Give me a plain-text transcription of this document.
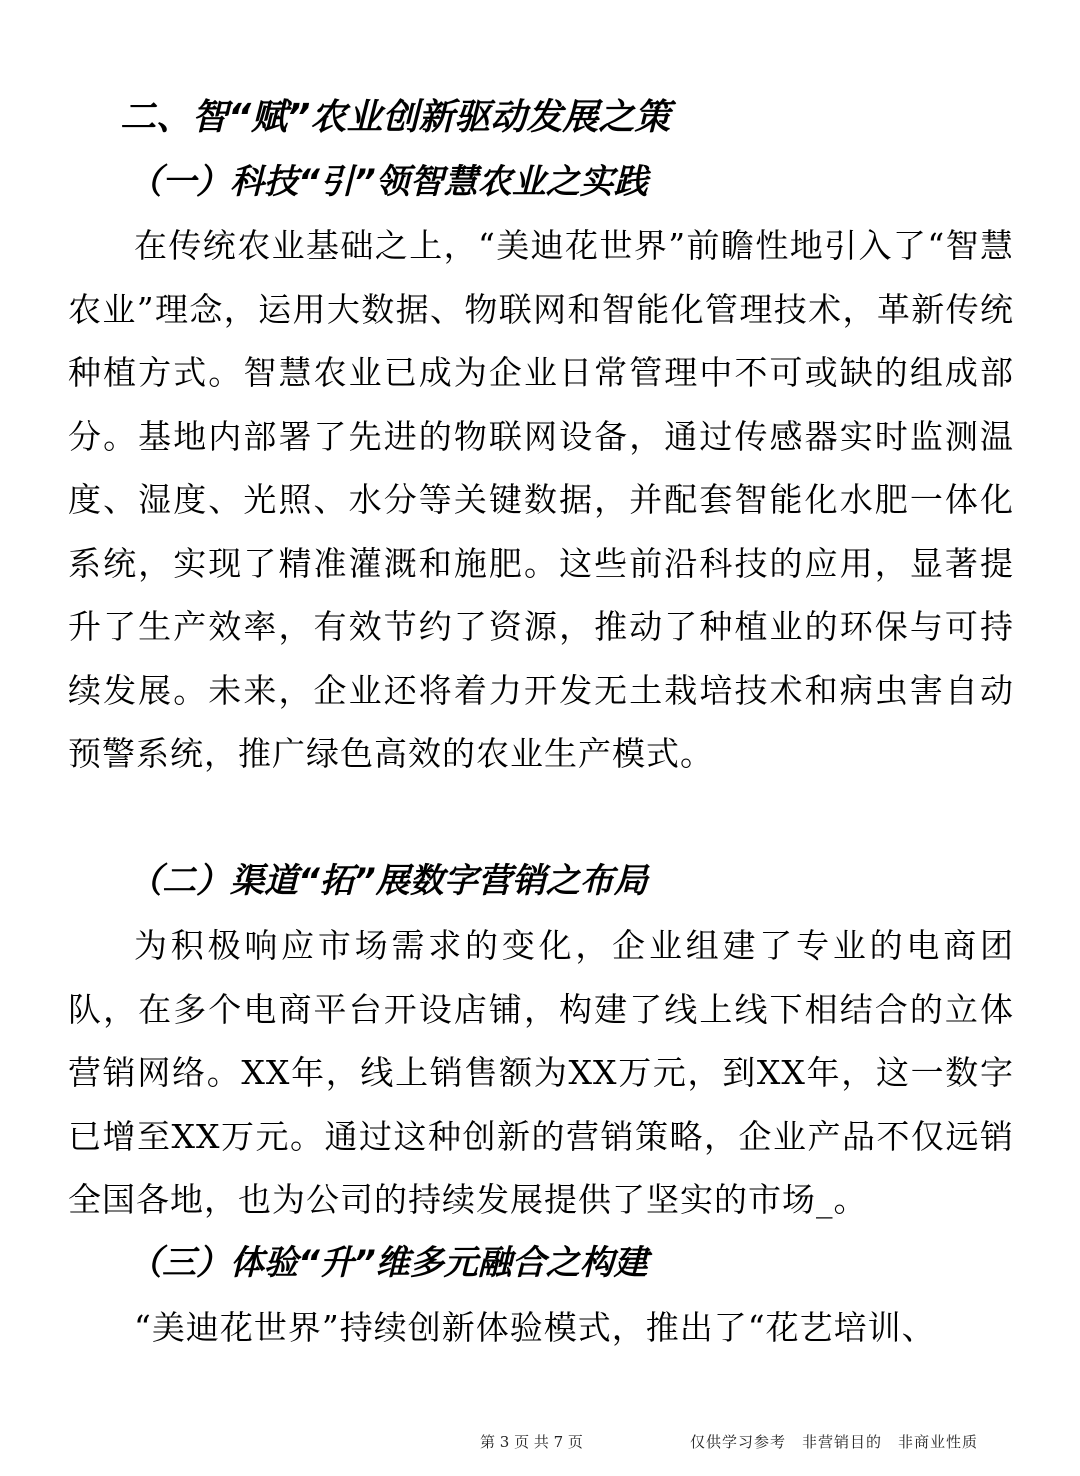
二、智“赋”农业创新驱动发展之策
（一）科技“引”领智慧农业之实践

在传统农业基础之上，“美迪花世界”前瞻性地引入了“智慧农业”理念，运用大数据、物联网和智能化管理技术，革新传统种植方式。智慧农业已成为企业日常管理中不可或缺的组成部分。基地内部署了先进的物联网设备，通过传感器实时监测温度、湿度、光照、水分等关键数据，并配套智能化水肥一体化系统，实现了精准灌溉和施肥。这些前沿科技的应用，显著提升了生产效率，有效节约了资源，推动了种植业的环保与可持续发展。未来，企业还将着力开发无土栽培技术和病虫害自动预警系统，推广绿色高效的农业生产模式。

（二）渠道“拓”展数字营销之布局

为积极响应市场需求的变化，企业组建了专业的电商团队，在多个电商平台开设店铺，构建了线上线下相结合的立体营销网络。XX年，线上销售额为XX万元，到XX年，这一数字已增至XX万元。通过这种创新的营销策略，企业产品不仅远销全国各地，也为公司的持续发展提供了坚实的市场_。

（三）体验“升”维多元融合之构建

“美迪花世界”持续创新体验模式，推出了“花艺培训、

第 3 页 共 7 页	仅供学习参考　非营销目的　非商业性质
